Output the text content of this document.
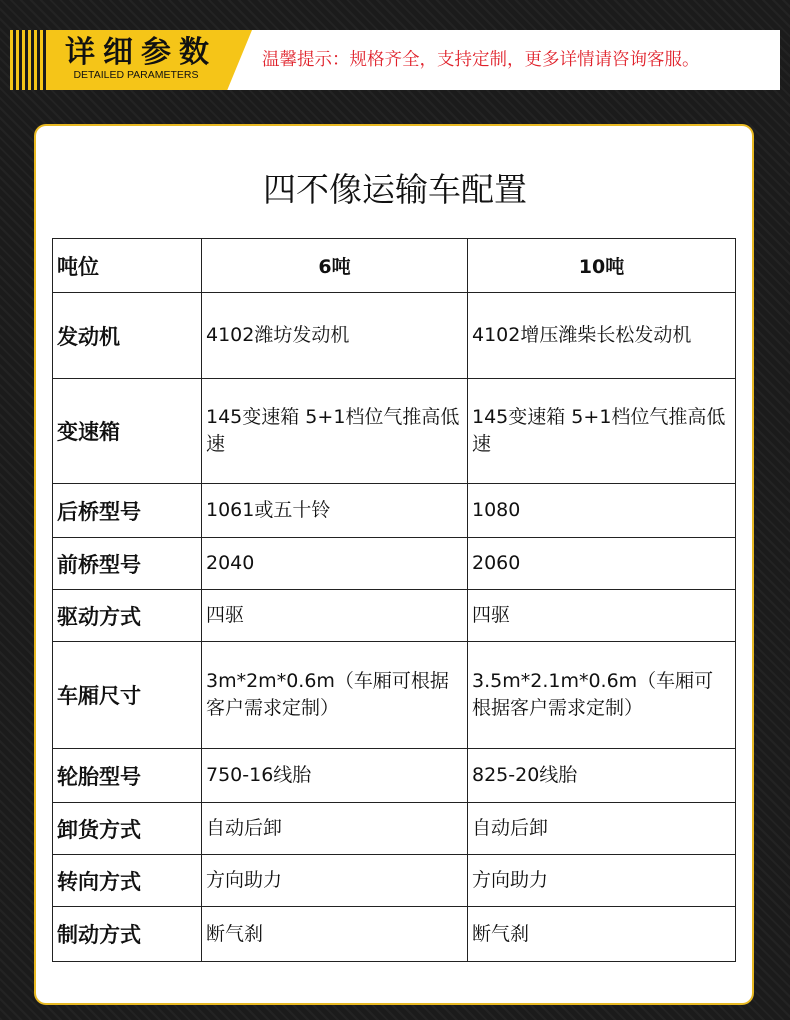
详细参数
DETAILED PARAMETERS
温馨提示：规格齐全，支持定制，更多详情请咨询客服。
四不像运输车配置
吨位	6吨	10吨
发动机	4102潍坊发动机	4102增压潍柴长松发动机
变速箱	145变速箱 5+1档位气推高低速	145变速箱 5+1档位气推高低速
后桥型号	1061或五十铃	1080
前桥型号	2040	2060
驱动方式	四驱	四驱
车厢尺寸	3m*2m*0.6m（车厢可根据客户需求定制）	3.5m*2.1m*0.6m（车厢可根据客户需求定制）
轮胎型号	750-16线胎	825-20线胎
卸货方式	自动后卸	自动后卸
转向方式	方向助力	方向助力
制动方式	断气刹	断气刹
